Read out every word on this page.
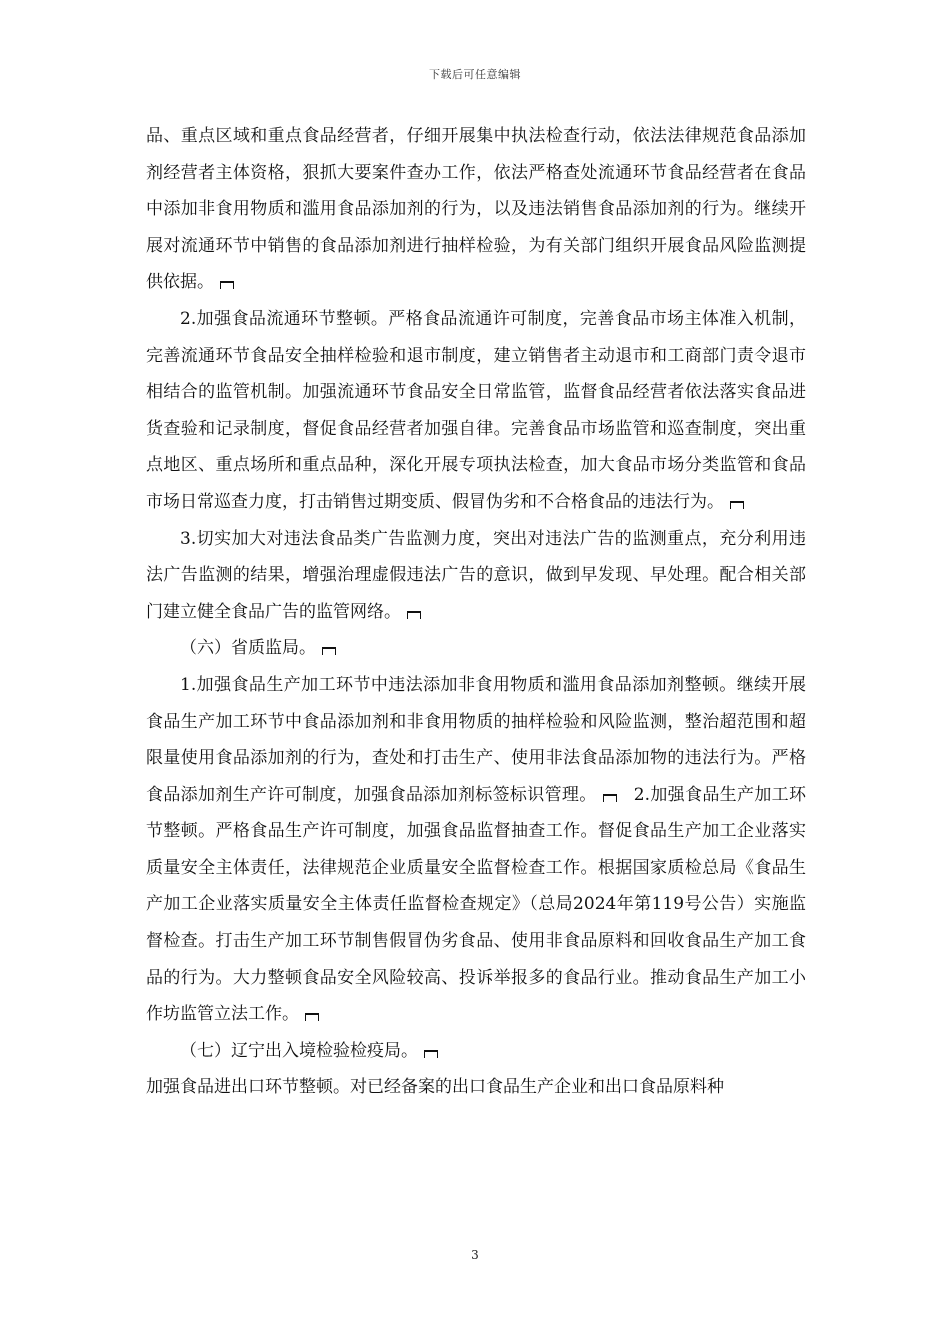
下载后可任意编辑

品、重点区域和重点食品经营者，仔细开展集中执法检查行动，依法法律规范食品添加剂经营者主体资格，狠抓大要案件查办工作，依法严格查处流通环节食品经营者在食品中添加非食用物质和滥用食品添加剂的行为，以及违法销售食品添加剂的行为。继续开展对流通环节中销售的食品添加剂进行抽样检验，为有关部门组织开展食品风险监测提供依据。

2.加强食品流通环节整顿。严格食品流通许可制度，完善食品市场主体准入机制，完善流通环节食品安全抽样检验和退市制度，建立销售者主动退市和工商部门责令退市相结合的监管机制。加强流通环节食品安全日常监管，监督食品经营者依法落实食品进货查验和记录制度，督促食品经营者加强自律。完善食品市场监管和巡查制度，突出重点地区、重点场所和重点品种，深化开展专项执法检查，加大食品市场分类监管和食品市场日常巡查力度，打击销售过期变质、假冒伪劣和不合格食品的违法行为。

3.切实加大对违法食品类广告监测力度，突出对违法广告的监测重点，充分利用违法广告监测的结果，增强治理虚假违法广告的意识，做到早发现、早处理。配合相关部门建立健全食品广告的监管网络。

（六）省质监局。

1.加强食品生产加工环节中违法添加非食用物质和滥用食品添加剂整顿。继续开展食品生产加工环节中食品添加剂和非食用物质的抽样检验和风险监测，整治超范围和超限量使用食品添加剂的行为，查处和打击生产、使用非法食品添加物的违法行为。严格食品添加剂生产许可制度，加强食品添加剂标签标识管理。 2.加强食品生产加工环节整顿。严格食品生产许可制度，加强食品监督抽查工作。督促食品生产加工企业落实质量安全主体责任，法律规范企业质量安全监督检查工作。根据国家质检总局《食品生产加工企业落实质量安全主体责任监督检查规定》（总局2024年第119号公告）实施监督检查。打击生产加工环节制售假冒伪劣食品、使用非食品原料和回收食品生产加工食品的行为。大力整顿食品安全风险较高、投诉举报多的食品行业。推动食品生产加工小作坊监管立法工作。

（七）辽宁出入境检验检疫局。

加强食品进出口环节整顿。对已经备案的出口食品生产企业和出口食品原料种

3
